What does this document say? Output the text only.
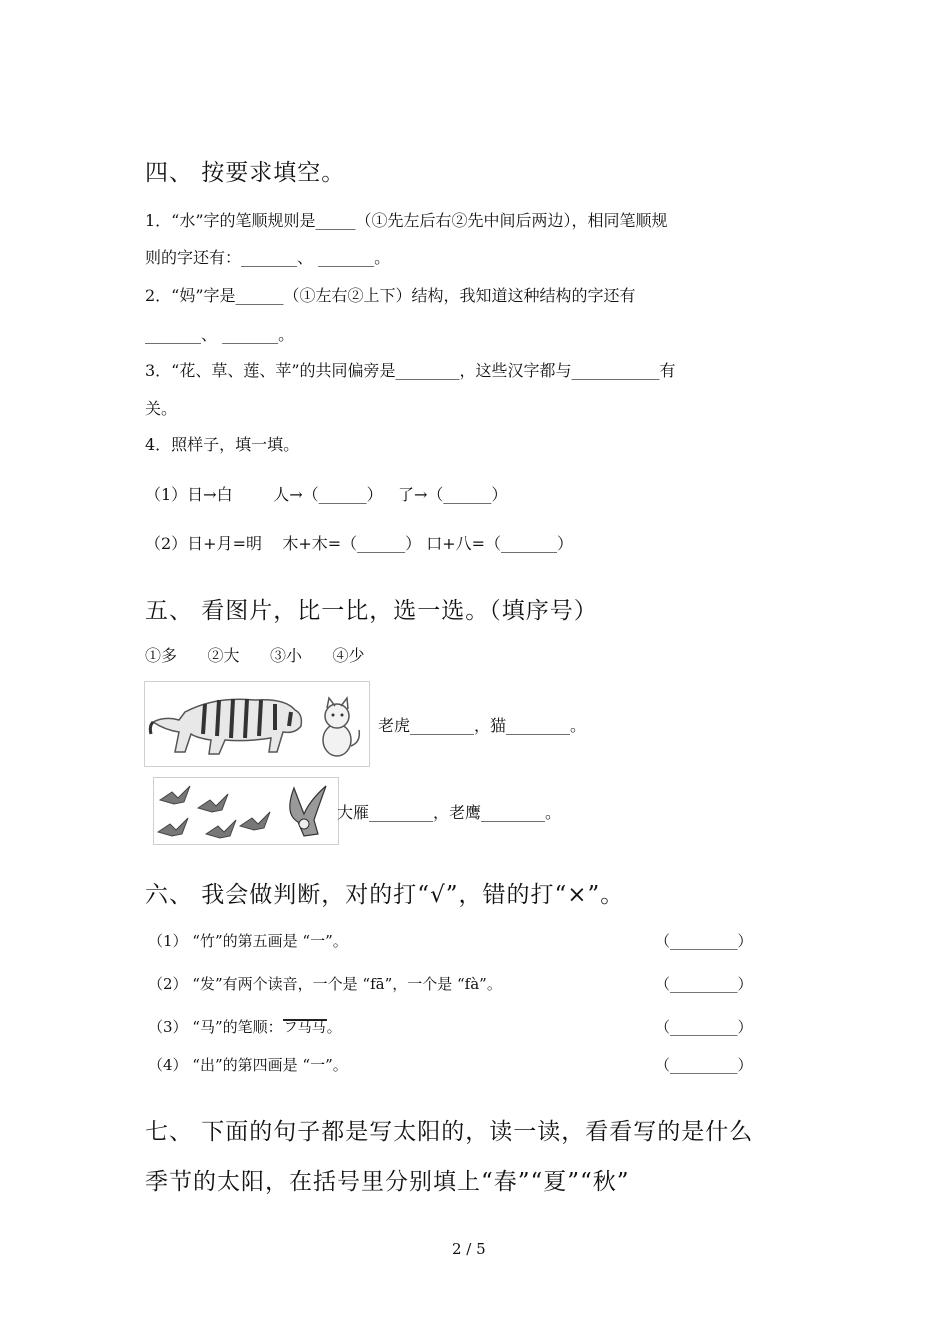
四、 按要求填空。
1．“水”字的笔顺规则是_____（①先左后右②先中间后两边），相同笔顺规
则的字还有：_______、 _______。
2．“妈”字是______（①左右②上下）结构，我知道这种结构的字还有
_______、 _______。
3．“花、草、莲、苹”的共同偏旁是________，这些汉字都与___________有
关。
4．照样子，填一填。
（1）日→白        人→（______）   了→（______）
（2）日+月=明    木+木=（______） 口+八=（_______）
五、 看图片，比一比，选一选。（填序号）
①多      ②大      ③小      ④少
老虎________，猫________。
大雁________，老鹰________。
六、 我会做判断，对的打“√”，错的打“×”。
（1） “竹”的第五画是 “一”。	（_________）
（2） “发”有两个读音，一个是 “fā”，一个是 “fà”。	（_________）
（3） “马”的笔顺：フ马马。	（_________）
（4） “出”的第四画是 “一”。	（_________）
七、 下面的句子都是写太阳的，读一读，看看写的是什么
季节的太阳，在括号里分别填上“春”“夏”“秋”
2 / 5
